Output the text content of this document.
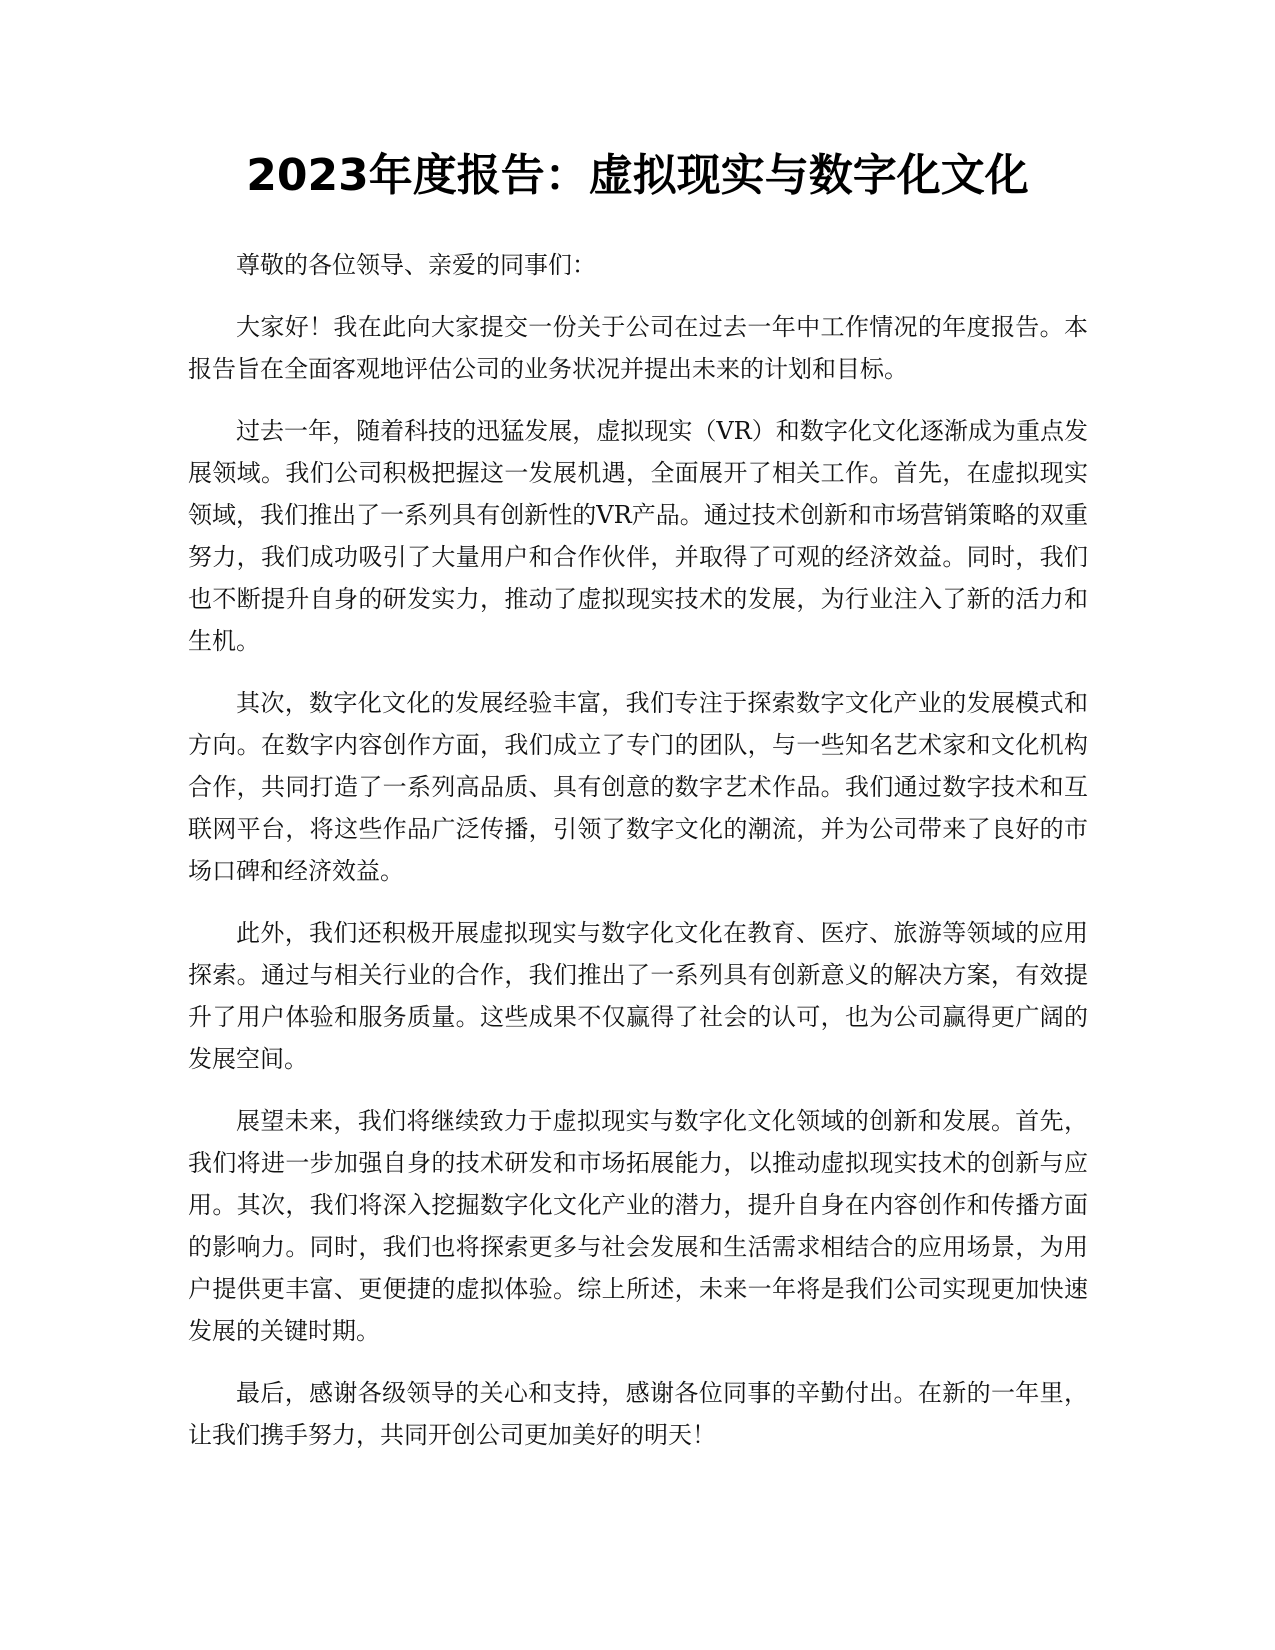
2023年度报告：虚拟现实与数字化文化

尊敬的各位领导、亲爱的同事们：

大家好！我在此向大家提交一份关于公司在过去一年中工作情况的年度报告。本报告旨在全面客观地评估公司的业务状况并提出未来的计划和目标。

过去一年，随着科技的迅猛发展，虚拟现实（VR）和数字化文化逐渐成为重点发展领域。我们公司积极把握这一发展机遇，全面展开了相关工作。首先，在虚拟现实领域，我们推出了一系列具有创新性的VR产品。通过技术创新和市场营销策略的双重努力，我们成功吸引了大量用户和合作伙伴，并取得了可观的经济效益。同时，我们也不断提升自身的研发实力，推动了虚拟现实技术的发展，为行业注入了新的活力和生机。

其次，数字化文化的发展经验丰富，我们专注于探索数字文化产业的发展模式和方向。在数字内容创作方面，我们成立了专门的团队，与一些知名艺术家和文化机构合作，共同打造了一系列高品质、具有创意的数字艺术作品。我们通过数字技术和互联网平台，将这些作品广泛传播，引领了数字文化的潮流，并为公司带来了良好的市场口碑和经济效益。

此外，我们还积极开展虚拟现实与数字化文化在教育、医疗、旅游等领域的应用探索。通过与相关行业的合作，我们推出了一系列具有创新意义的解决方案，有效提升了用户体验和服务质量。这些成果不仅赢得了社会的认可，也为公司赢得更广阔的发展空间。

展望未来，我们将继续致力于虚拟现实与数字化文化领域的创新和发展。首先，我们将进一步加强自身的技术研发和市场拓展能力，以推动虚拟现实技术的创新与应用。其次，我们将深入挖掘数字化文化产业的潜力，提升自身在内容创作和传播方面的影响力。同时，我们也将探索更多与社会发展和生活需求相结合的应用场景，为用户提供更丰富、更便捷的虚拟体验。综上所述，未来一年将是我们公司实现更加快速发展的关键时期。

最后，感谢各级领导的关心和支持，感谢各位同事的辛勤付出。在新的一年里，让我们携手努力，共同开创公司更加美好的明天！
